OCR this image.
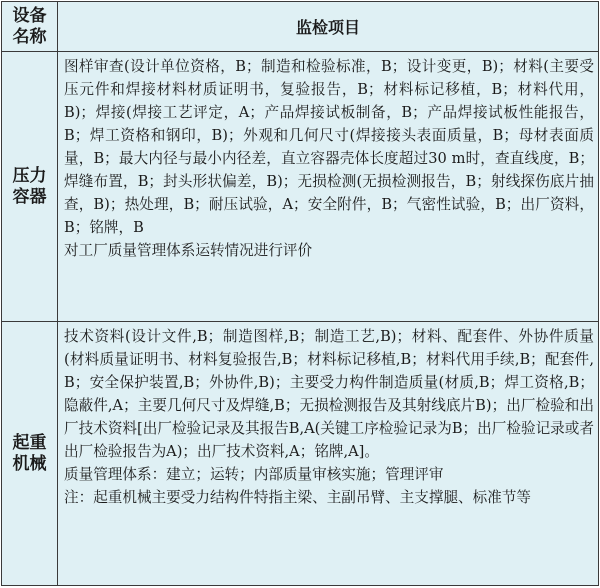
设备
名称	监检项目
压力
容器

图样审查(设计单位资格，B；制造和检验标准，B；设计变更，B)；材料(主要受压元件和焊接材料材质证明书，复验报告，B；材料标记移植，B；材料代用，B)；焊接(焊接工艺评定，A；产品焊接试板制备，B；产品焊接试板性能报告，B；焊工资格和钢印，B)；外观和几何尺寸(焊接接头表面质量，B；母材表面质量，B；最大内径与最小内径差，直立容器壳体长度超过30 m时，查直线度，B；焊缝布置，B；封头形状偏差，B)；无损检测(无损检测报告，B；射线探伤底片抽查，B)；热处理，B；耐压试验，A；安全附件，B；气密性试验，B；出厂资料，B；铭牌，B

对工厂质量管理体系运转情况进行评价

起重
机械

技术资料(设计文件,B；制造图样,B；制造工艺,B)；材料、配套件、外协件质量(材料质量证明书、材料复验报告,B；材料标记移植,B；材料代用手续,B；配套件,B；安全保护装置,B；外协件,B)；主要受力构件制造质量(材质,B；焊工资格,B；隐蔽件,A；主要几何尺寸及焊缝,B；无损检测报告及其射线底片B)；出厂检验和出厂技术资料[出厂检验记录及其报告B,A(关键工序检验记录为B；出厂检验记录或者出厂检验报告为A)；出厂技术资料,A；铭牌,A]。

质量管理体系：建立；运转；内部质量审核实施；管理评审

注：起重机械主要受力结构件特指主梁、主副吊臂、主支撑腿、标准节等
